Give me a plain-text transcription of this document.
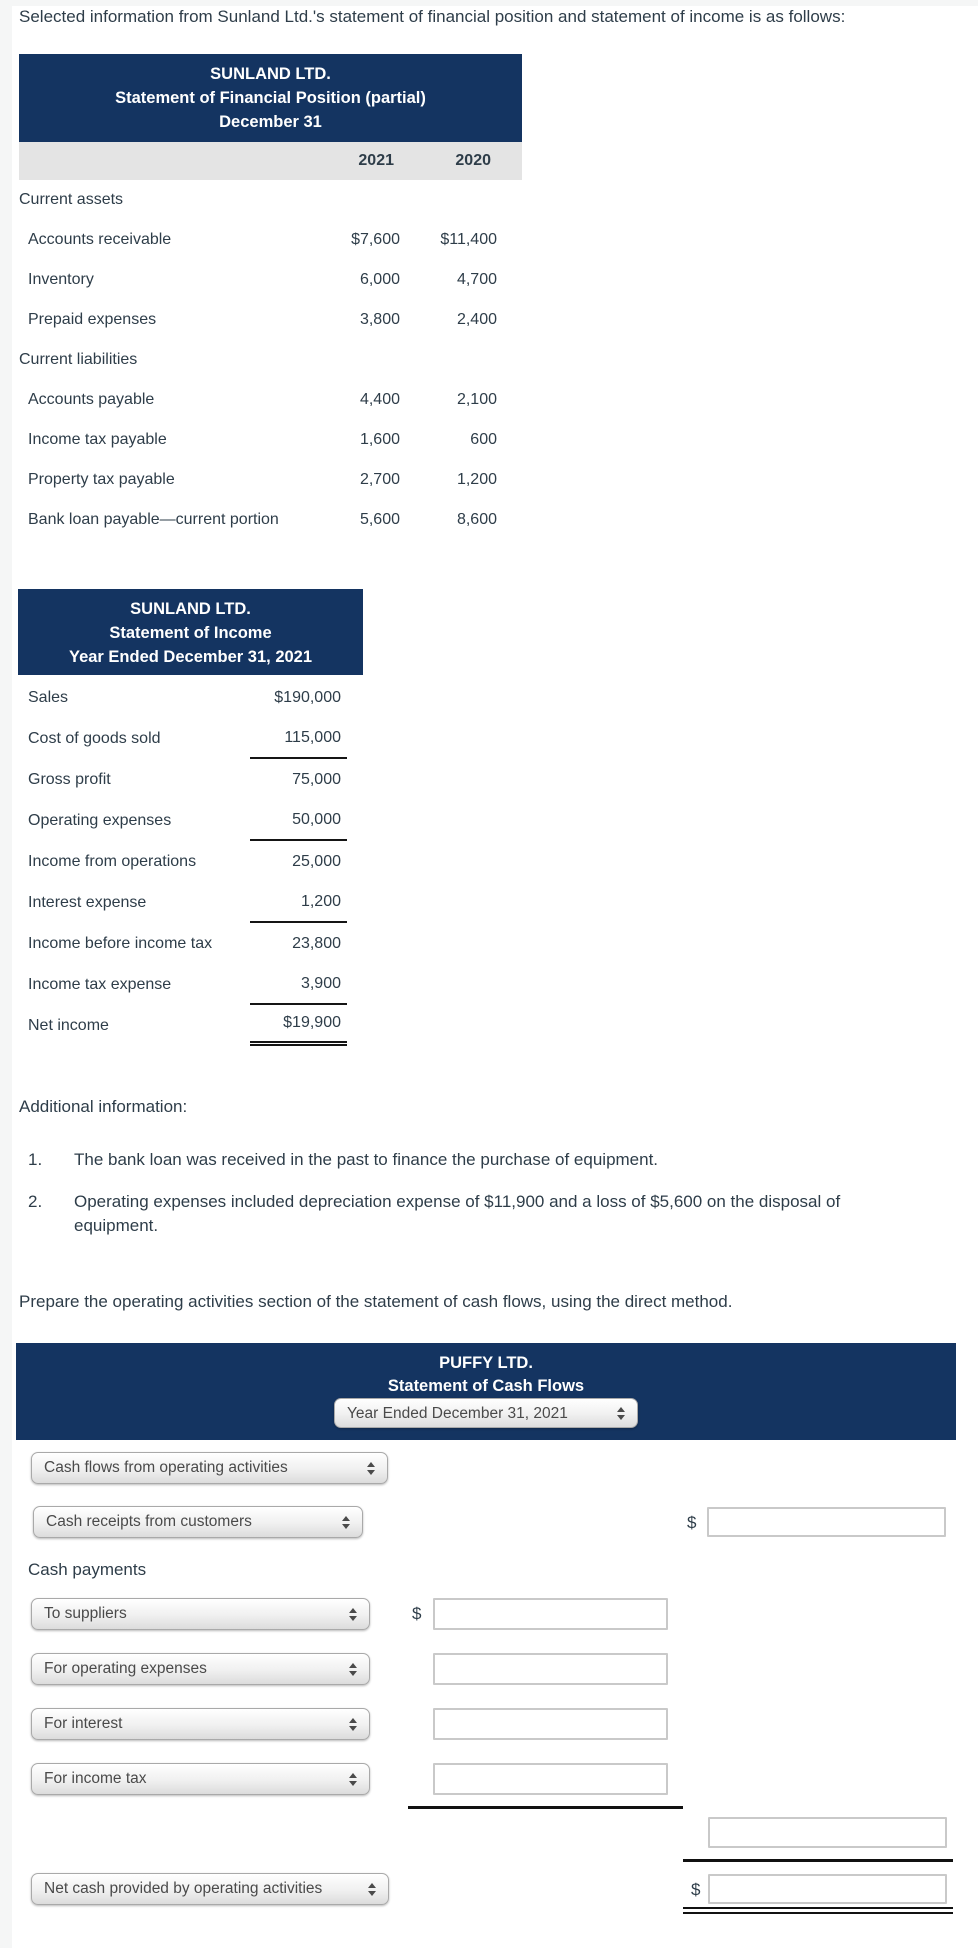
Selected information from Sunland Ltd.'s statement of financial position and statement of income is as follows:
SUNLAND LTD.
Statement of Financial Position (partial)
December 31
2021	2020
Current assets
Accounts receivable	$7,600	$11,400
Inventory	6,000	4,700
Prepaid expenses	3,800	2,400
Current liabilities
Accounts payable	4,400	2,100
Income tax payable	1,600	600
Property tax payable	2,700	1,200
Bank loan payable—current portion	5,600	8,600
SUNLAND LTD.
Statement of Income
Year Ended December 31, 2021
Sales	$190,000
Cost of goods sold	115,000
Gross profit	75,000
Operating expenses	50,000
Income from operations	25,000
Interest expense	1,200
Income before income tax	23,800
Income tax expense	3,900
Net income	$19,900
Additional information:
1.	The bank loan was received in the past to finance the purchase of equipment.
2.	Operating expenses included depreciation expense of $11,900 and a loss of $5,600 on the disposal of equipment.
Prepare the operating activities section of the statement of cash flows, using the direct method.
PUFFY LTD.
Statement of Cash Flows
Year Ended December 31, 2021
Cash flows from operating activities
Cash receipts from customers	$
Cash payments
To suppliers	$
For operating expenses
For interest
For income tax
Net cash provided by operating activities	$
